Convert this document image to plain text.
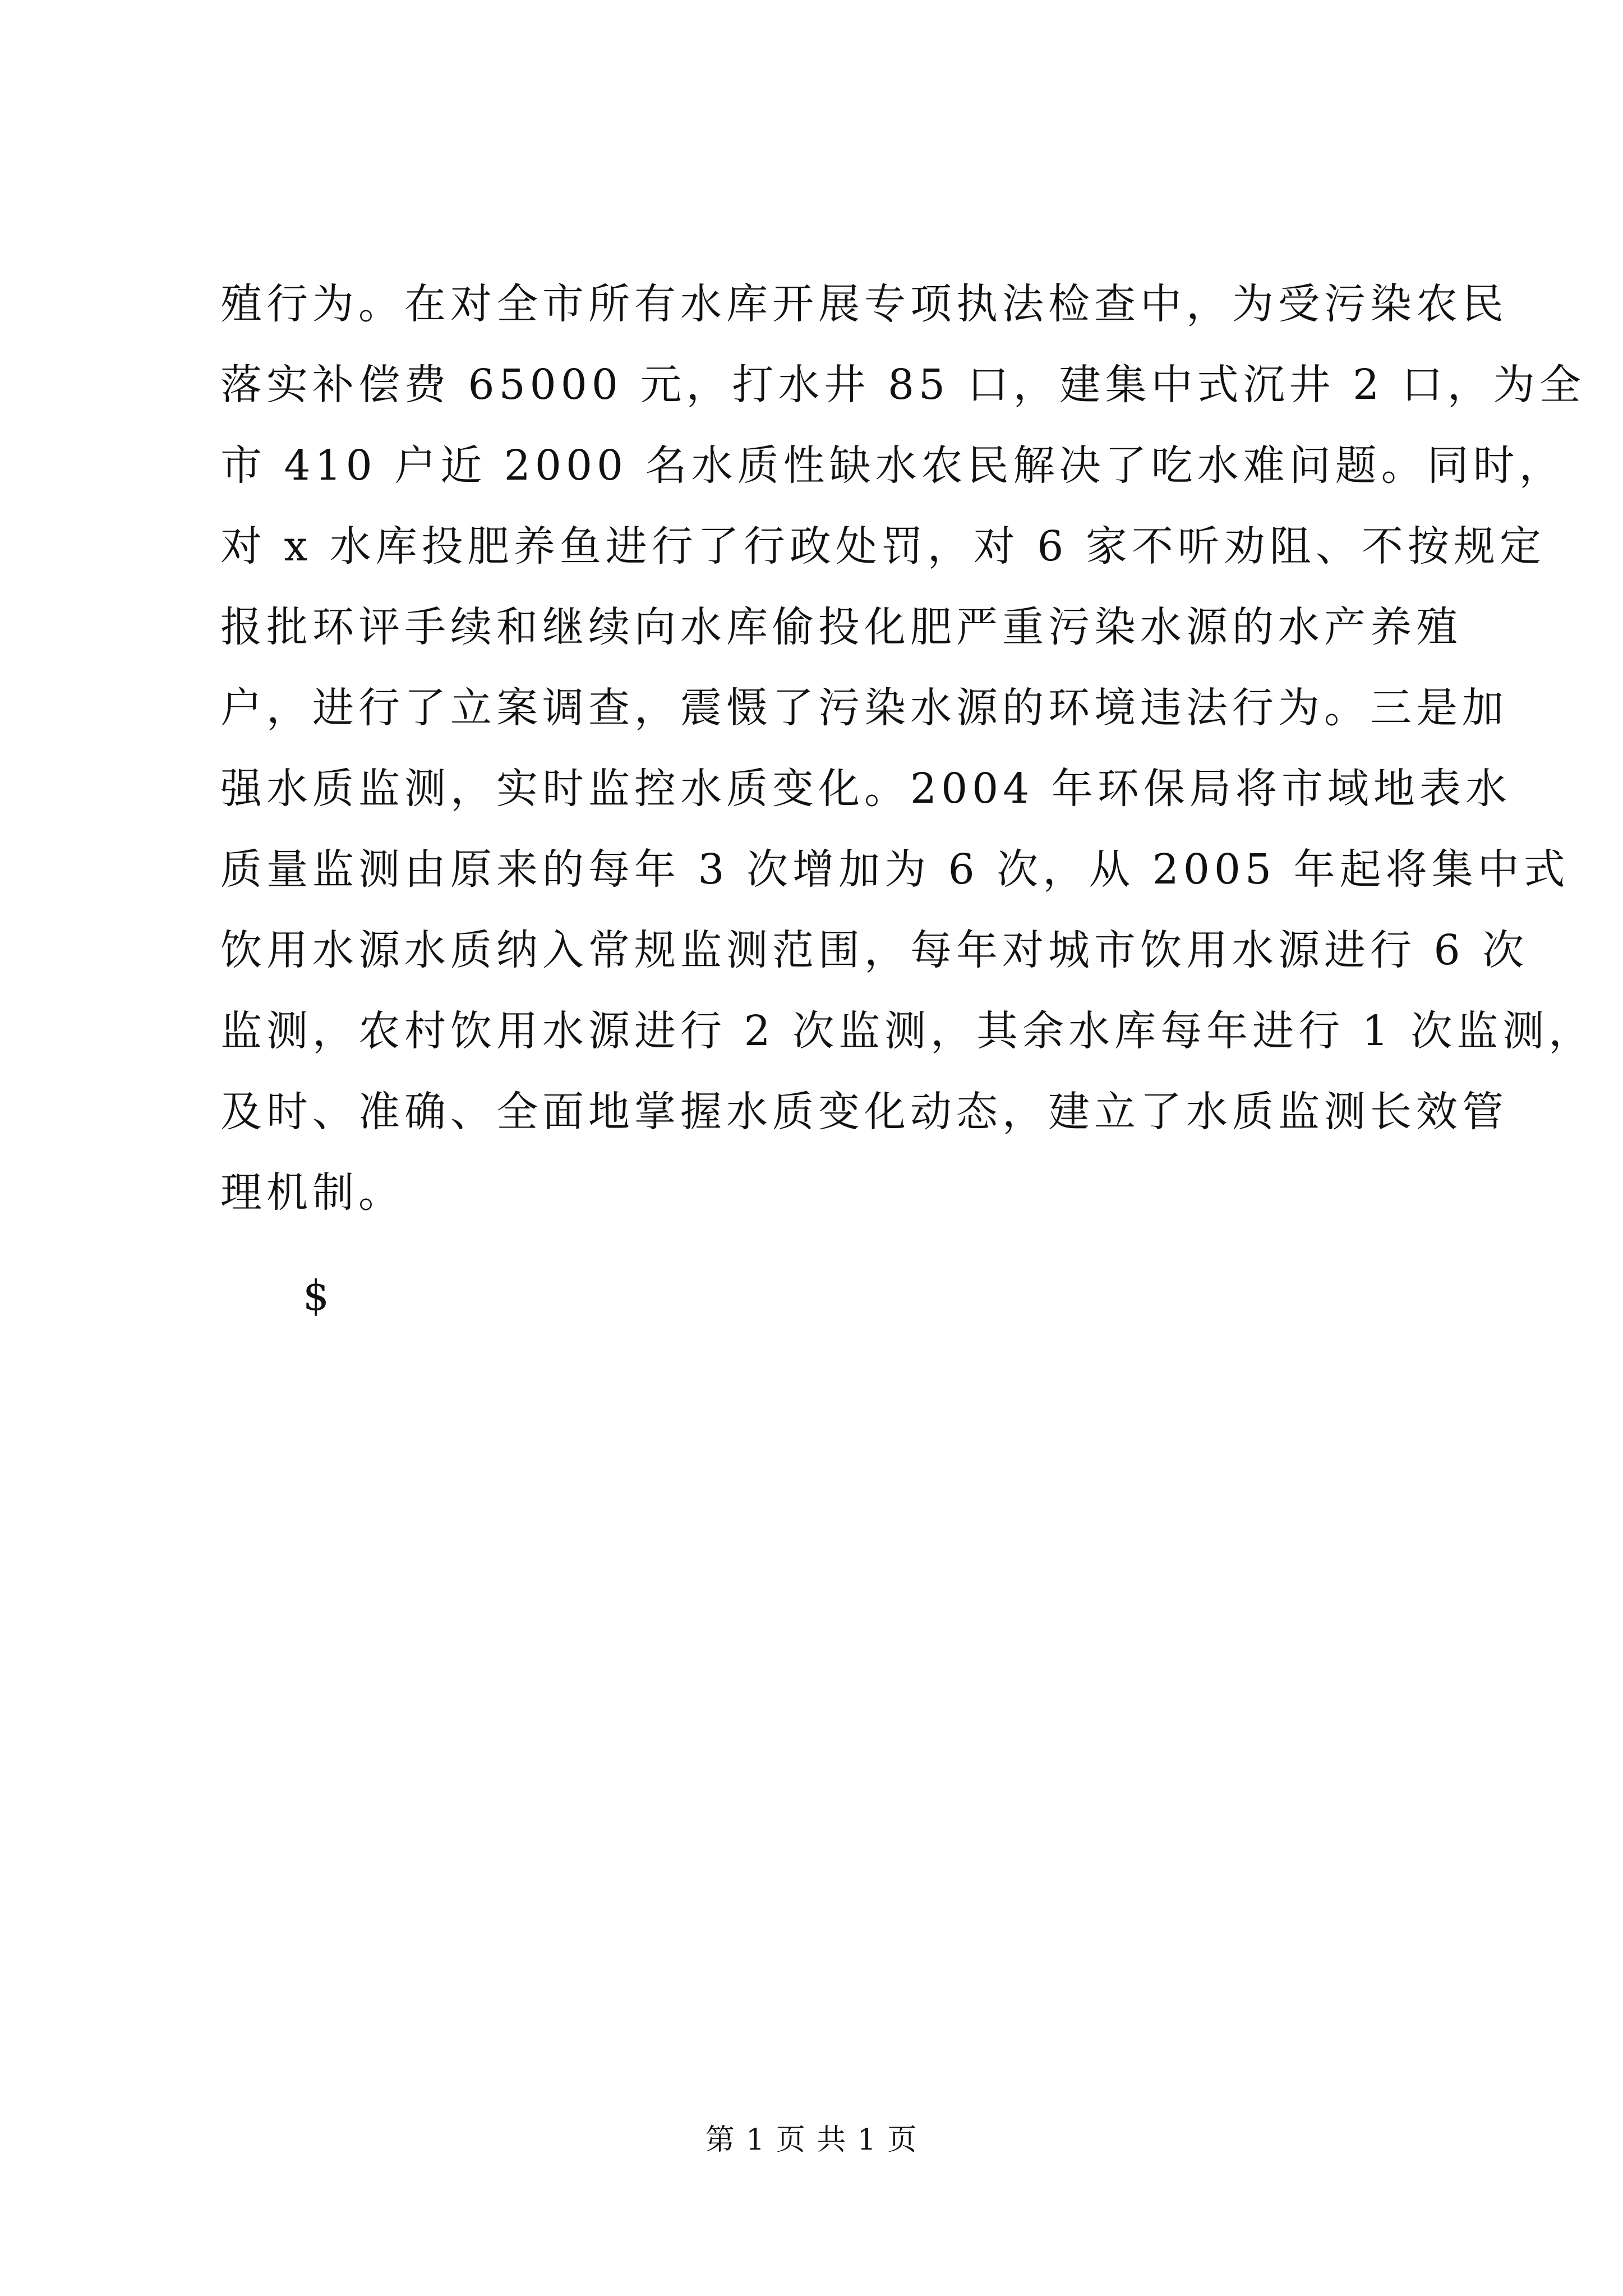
殖行为。在对全市所有水库开展专项执法检查中，为受污染农民
落实补偿费 65000 元，打水井 85 口，建集中式沉井 2 口，为全
市 410 户近 2000 名水质性缺水农民解决了吃水难问题。同时，
对 x 水库投肥养鱼进行了行政处罚，对 6 家不听劝阻、不按规定
报批环评手续和继续向水库偷投化肥严重污染水源的水产养殖
户，进行了立案调查，震慑了污染水源的环境违法行为。三是加
强水质监测，实时监控水质变化。2004 年环保局将市域地表水
质量监测由原来的每年 3 次增加为 6 次，从 2005 年起将集中式
饮用水源水质纳入常规监测范围，每年对城市饮用水源进行 6 次
监测，农村饮用水源进行 2 次监测，其余水库每年进行 1 次监测，
及时、准确、全面地掌握水质变化动态，建立了水质监测长效管
理机制。
$
第 1 页 共 1 页
